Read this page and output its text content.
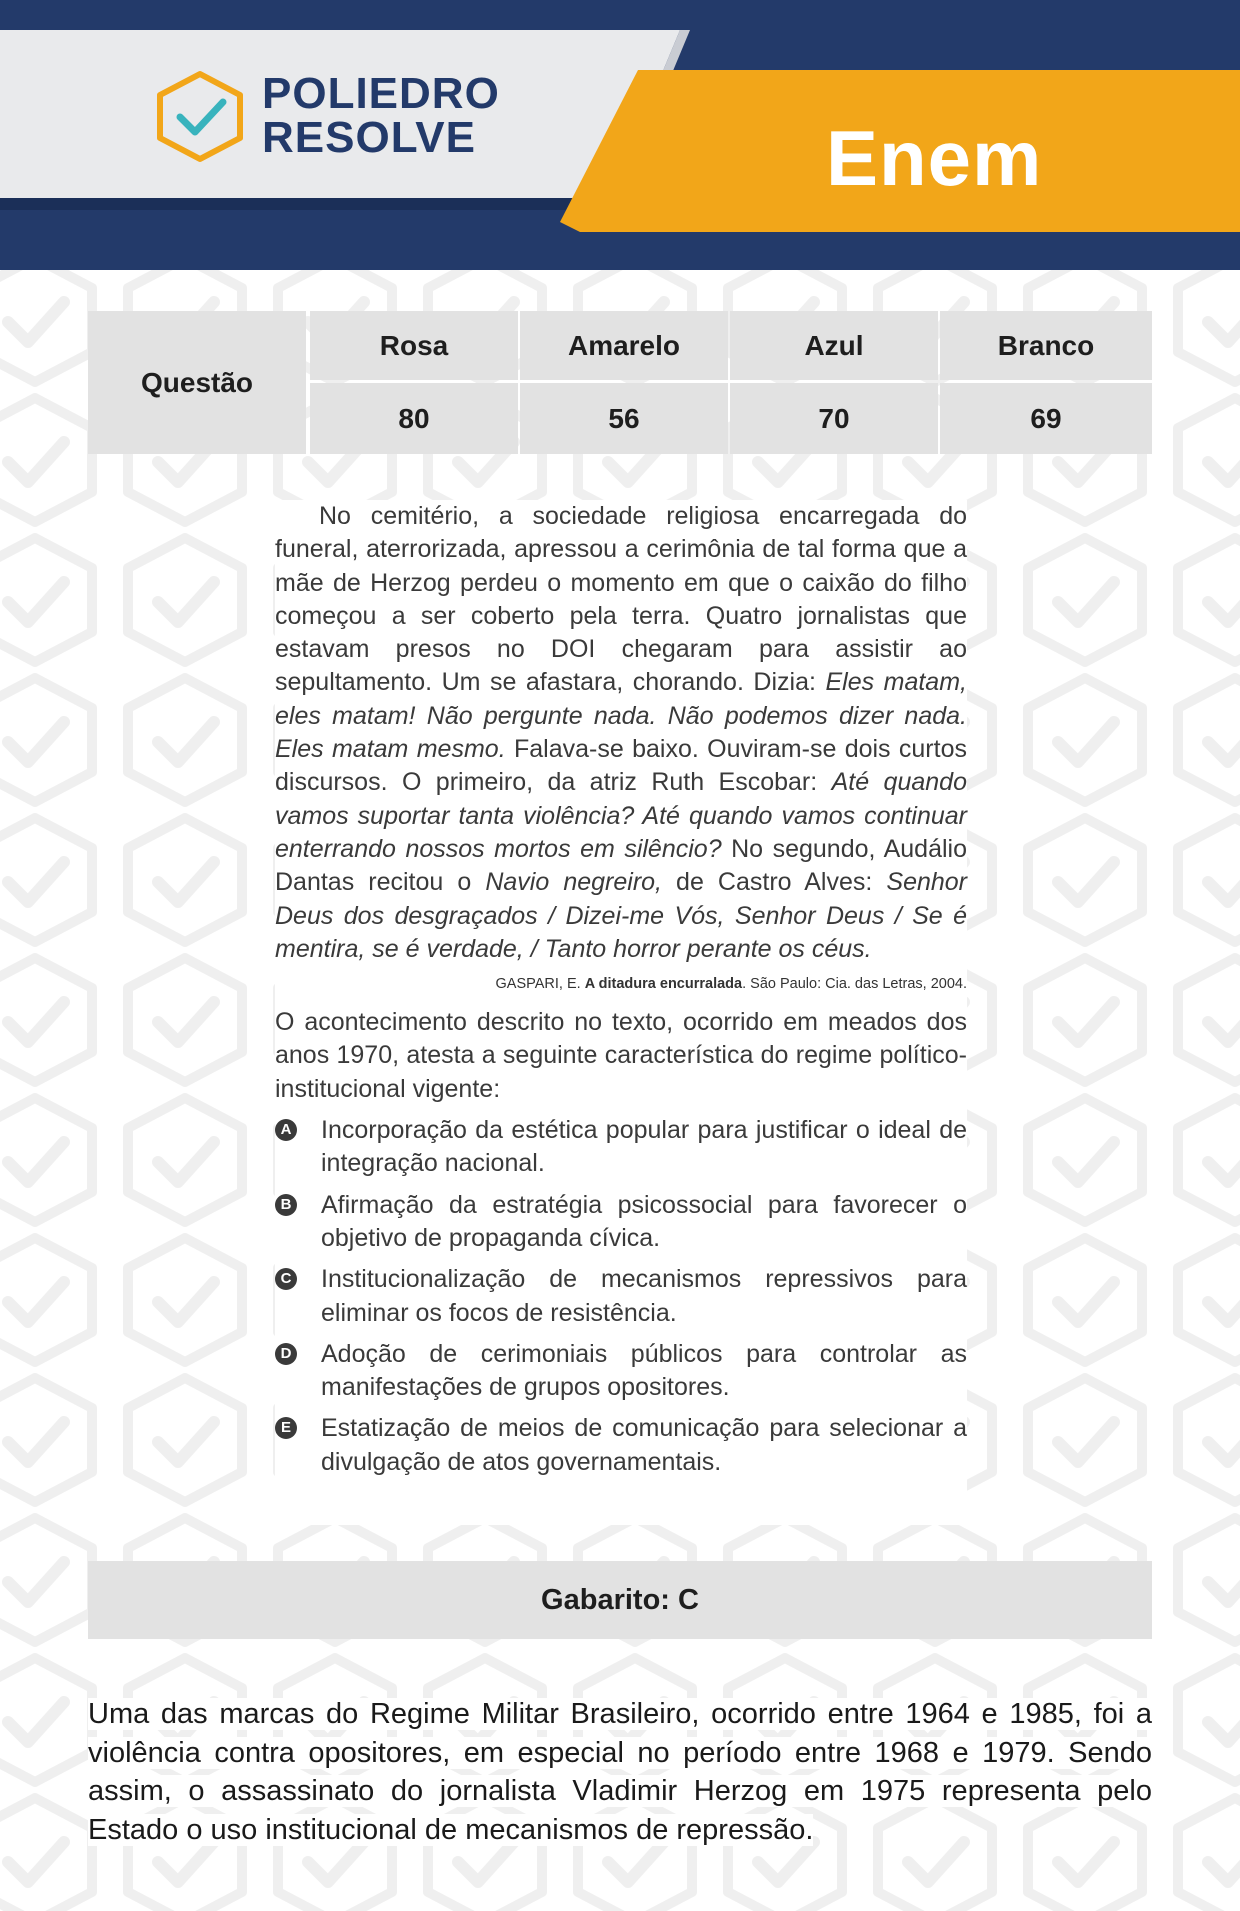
POLIEDRO
RESOLVE	Enem
Questão
Rosa	Amarelo	Azul	Branco
80	56	70	69

No cemitério, a sociedade religiosa encarregada do funeral, aterrorizada, apressou a cerimônia de tal forma que a mãe de Herzog perdeu o momento em que o caixão do filho começou a ser coberto pela terra. Quatro jornalistas que estavam presos no DOI chegaram para assistir ao sepultamento. Um se afastara, chorando. Dizia: Eles matam, eles matam! Não pergunte nada. Não podemos dizer nada. Eles matam mesmo. Falava-se baixo. Ouviram-se dois curtos discursos. O primeiro, da atriz Ruth Escobar: Até quando vamos suportar tanta violência? Até quando vamos continuar enterrando nossos mortos em silêncio? No segundo, Audálio Dantas recitou o Navio negreiro, de Castro Alves: Senhor Deus dos desgraçados / Dizei-me Vós, Senhor Deus / Se é mentira, se é verdade, / Tanto horror perante os céus.

GASPARI, E. A ditadura encurralada. São Paulo: Cia. das Letras, 2004.
O acontecimento descrito no texto, ocorrido em meados dos anos 1970, atesta a seguinte característica do regime político-institucional vigente:
A Incorporação da estética popular para justificar o ideal de integração nacional.
B Afirmação da estratégia psicossocial para favorecer o objetivo de propaganda cívica.
C Institucionalização de mecanismos repressivos para eliminar os focos de resistência.
D Adoção de cerimoniais públicos para controlar as manifestações de grupos opositores.
E Estatização de meios de comunicação para selecionar a divulgação de atos governamentais.
Gabarito: C
Uma das marcas do Regime Militar Brasileiro, ocorrido entre 1964 e 1985, foi a violência contra opositores, em especial no período entre 1968 e 1979. Sendo assim, o assassinato do jornalista Vladimir Herzog em 1975 representa pelo Estado o uso institucional de mecanismos de repressão.
